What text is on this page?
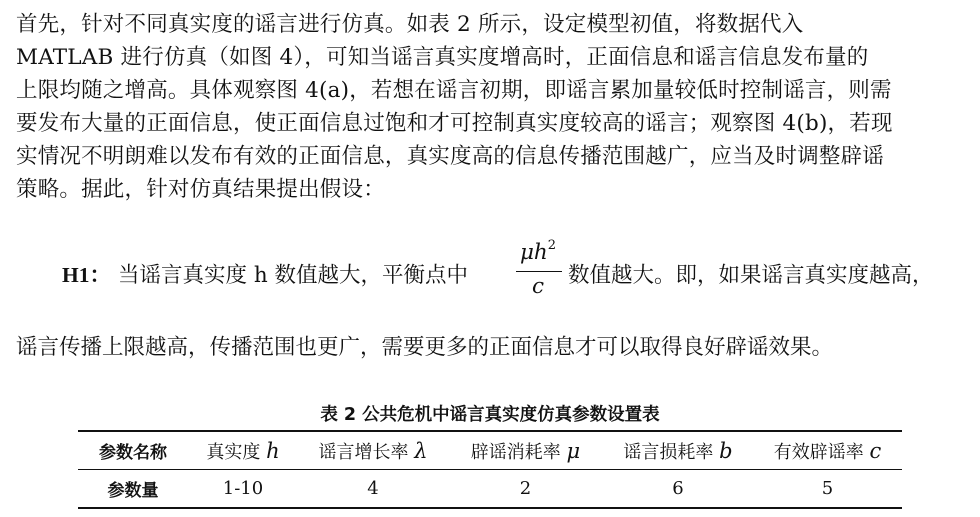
首先，针对不同真实度的谣言进行仿真。如表 2 所示，设定模型初值，将数据代入
MATLAB 进行仿真（如图 4），可知当谣言真实度增高时，正面信息和谣言信息发布量的
上限均随之增高。具体观察图 4(a)，若想在谣言初期，即谣言累加量较低时控制谣言，则需
要发布大量的正面信息，使正面信息过饱和才可控制真实度较高的谣言；观察图 4(b)，若现
实情况不明朗难以发布有效的正面信息，真实度高的信息传播范围越广，应当及时调整辟谣
策略。据此，针对仿真结果提出假设：
H1： 当谣言真实度 h 数值越大，平衡点中
$\mu h^2$
c	数值越大。即，如果谣言真实度越高，
谣言传播上限越高，传播范围也更广，需要更多的正面信息才可以取得良好辟谣效果。
表 2 公共危机中谣言真实度仿真参数设置表
参数名称	真实度 h	谣言增长率 λ	辟谣消耗率 μ	谣言损耗率 b	有效辟谣率 c
参数量	1-10	4	2	6	5
